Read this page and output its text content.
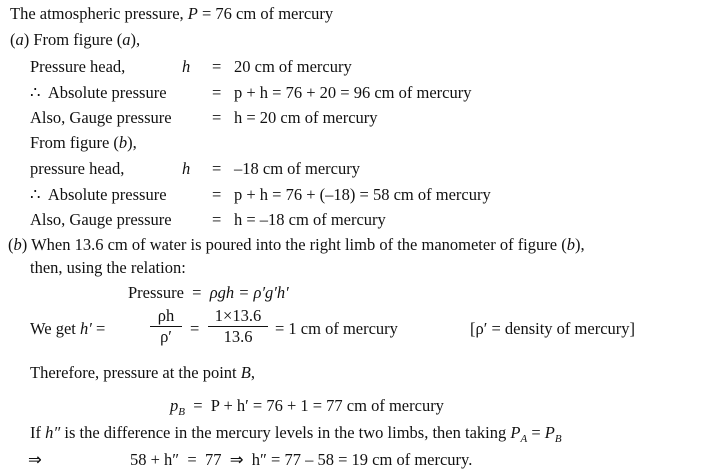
The atmospheric pressure, P = 76 cm of mercury
(a) From figure (a),
Pressure head,	h = 20 cm of mercury
∴  Absolute pressure	= p + h = 76 + 20 = 96 cm of mercury
Also, Gauge pressure = h = 20 cm of mercury
From figure (b),
pressure head,	h = –18 cm of mercury
∴  Absolute pressure	= p + h = 76 + (–18) = 58 cm of mercury
Also, Gauge pressure = h = –18 cm of mercury
(b) When 13.6 cm of water is poured into the right limb of the manometer of figure (b),
then, using the relation:
Pressure  =  ρgh = ρ′g′h′
We get h′ =	$\frac{\rho h}{\rho'} = \frac{1\times 13.6}{13.6} = 1$ cm of mercury	[ρ′ = density of mercury]
Therefore, pressure at the point B,
$p_B = P + h' = 76 + 1 = 77$ cm of mercury
If h″ is the difference in the mercury levels in the two limbs, then taking $P_A = P_B$
⇒	58 + h″  =  77  ⇒  h″ = 77 – 58 = 19 cm of mercury.
